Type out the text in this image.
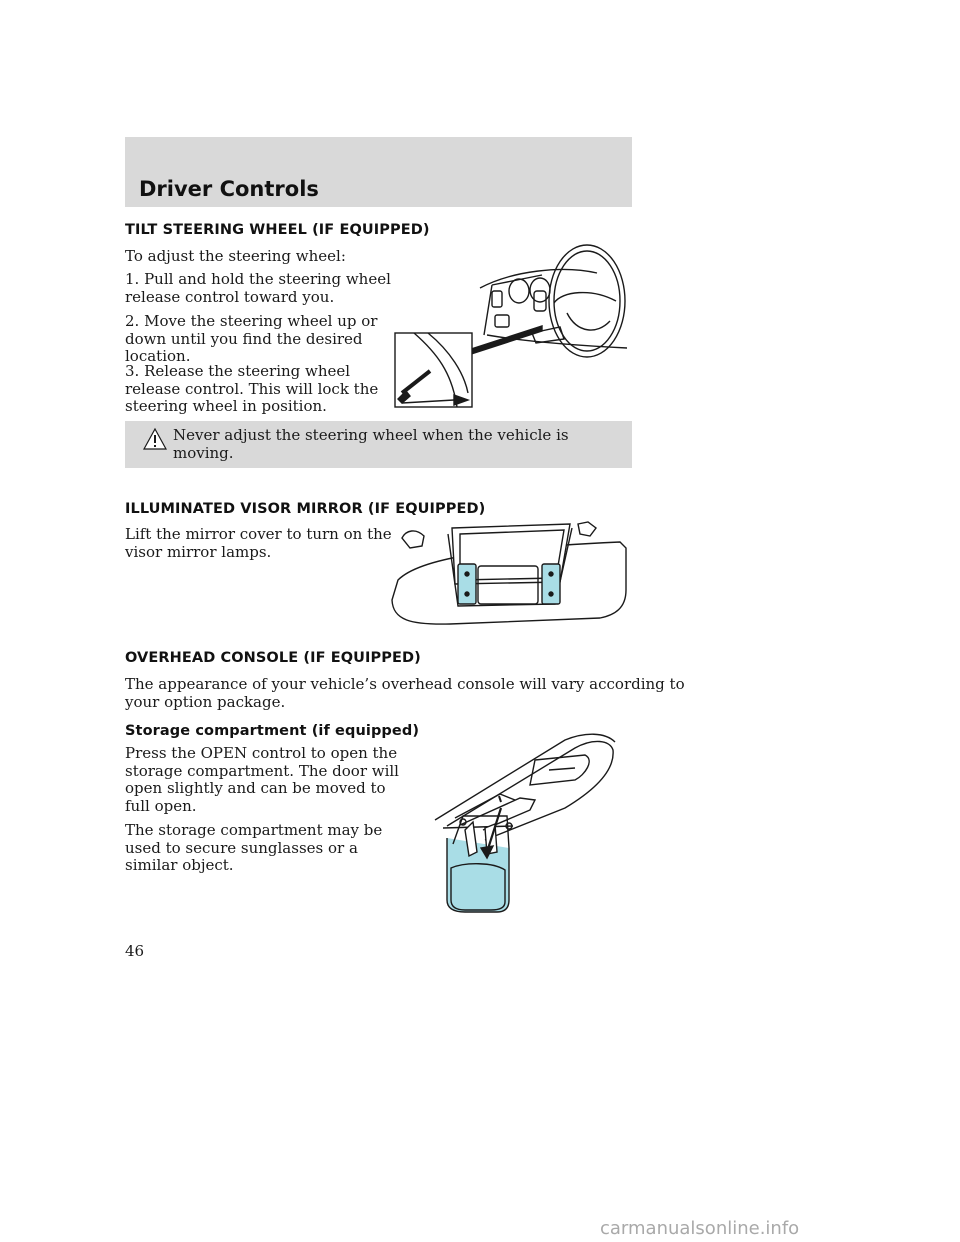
Driver Controls
TILT STEERING WHEEL (IF EQUIPPED)
To adjust the steering wheel:
1. Pull and hold the steering wheel
release control toward you.
2. Move the steering wheel up or
down until you find the desired
location.
3. Release the steering wheel
release control. This will lock the
steering wheel in position.
Never adjust the steering wheel when the vehicle is moving.
ILLUMINATED VISOR MIRROR (IF EQUIPPED)
Lift the mirror cover to turn on the
visor mirror lamps.
OVERHEAD CONSOLE (IF EQUIPPED)
The appearance of your vehicle’s overhead console will vary according to
your option package.
Storage compartment (if equipped)
Press the OPEN control to open the
storage compartment. The door will
open slightly and can be moved to
full open.
The storage compartment may be
used to secure sunglasses or a
similar object.
46
carmanualsonline.info
